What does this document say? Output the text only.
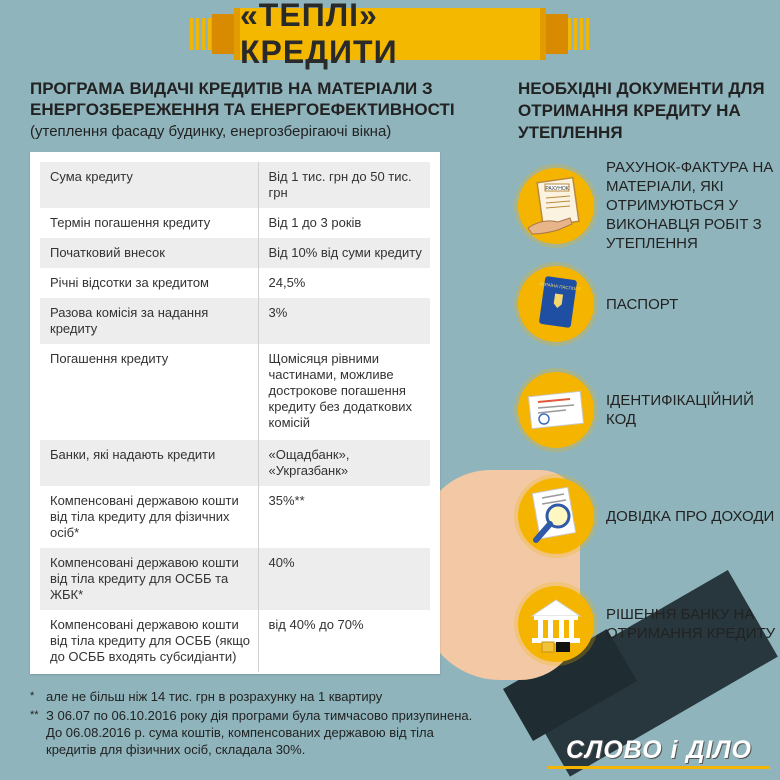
«ТЕПЛІ» КРЕДИТИ
ПРОГРАМА ВИДАЧІ КРЕДИТІВ НА МАТЕРІАЛИ З ЕНЕРГОЗБЕРЕЖЕННЯ ТА ЕНЕРГОЕФЕКТИВНОСТІ
(утеплення фасаду будинку, енергозберігаючі вікна)
Сума кредиту	Від 1 тис. грн до 50 тис. грн
Термін погашення кредиту	Від 1 до 3 років
Початковий внесок	Від 10% від суми кредиту
Річні відсотки за кредитом	24,5%
Разова комісія за надання кредиту	3%
Погашення кредиту	Щомісяця рівними частинами, можливе дострокове погашення кредиту без додаткових комісій
Банки, які надають кредити	«Ощадбанк», «Укргазбанк»
Компенсовані державою кошти від тіла кредиту для фізичних осіб*	35%**
Компенсовані державою кошти від тіла кредиту для ОСББ та ЖБК*	40%
Компенсовані державою кошти від тіла кредиту для ОСББ (якщо до ОСББ входять субсидіанти)	від 40% до 70%
* але не більш ніж 14 тис. грн в розрахунку на 1 квартиру
** З 06.07 по 06.10.2016 року дія програми була тимчасово призупинена. До 06.08.2016 р. сума коштів, компенсованих державою від тіла кредитів для фізичних осіб, складала 30%.
НЕОБХІДНІ ДОКУМЕНТИ ДЛЯ ОТРИМАННЯ КРЕДИТУ НА УТЕПЛЕННЯ
РАХУНОК
РАХУНОК-ФАКТУРА НА МАТЕРІАЛИ, ЯКІ ОТРИМУЮТЬСЯ У ВИКОНАВЦЯ РОБІТ З УТЕПЛЕННЯ
УКРАЇНА ПАСПОРТ
ПАСПОРТ
ІДЕНТИФІКАЦІЙНИЙ КОД
ДОВІДКА ПРО ДОХОДИ
РІШЕННЯ БАНКУ НА ОТРИМАННЯ КРЕДИТУ
СЛОВО і ДІЛО
